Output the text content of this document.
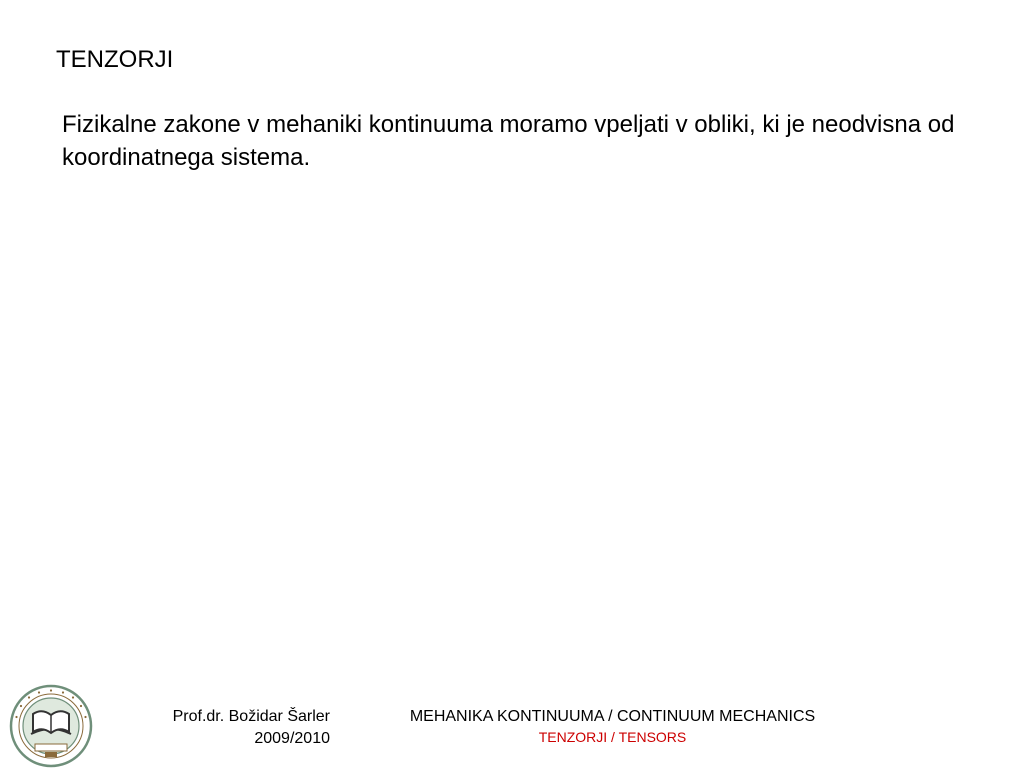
TENZORJI

Fizikalne zakone v mehaniki kontinuuma moramo vpeljati v obliki, ki je neodvisna od koordinatnega sistema.

Prof.dr. Božidar Šarler
2009/2010
MEHANIKA KONTINUUMA / CONTINUUM MECHANICS
TENZORJI / TENSORS
